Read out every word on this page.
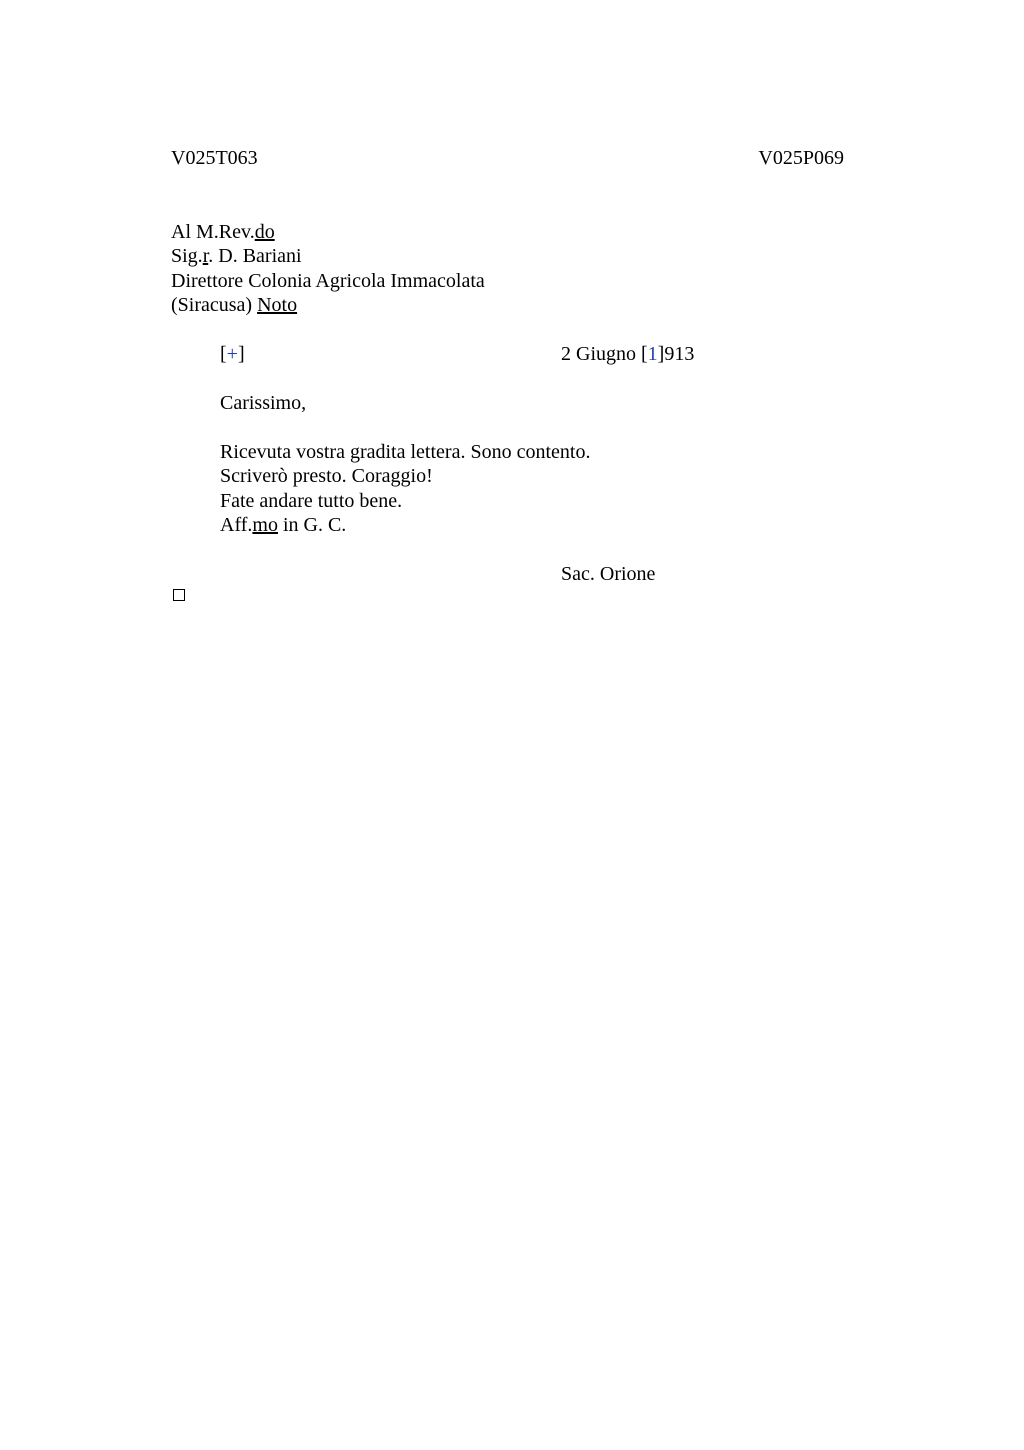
V025T063	V025P069
Al M.Rev.do
Sig.r. D. Bariani
Direttore Colonia Agricola Immacolata
(Siracusa) Noto
[+]	2 Giugno [1]913
Carissimo,
Ricevuta vostra gradita lettera. Sono contento.
Scriverò presto. Coraggio!
Fate andare tutto bene.
Aff.mo in G. C.
Sac. Orione
